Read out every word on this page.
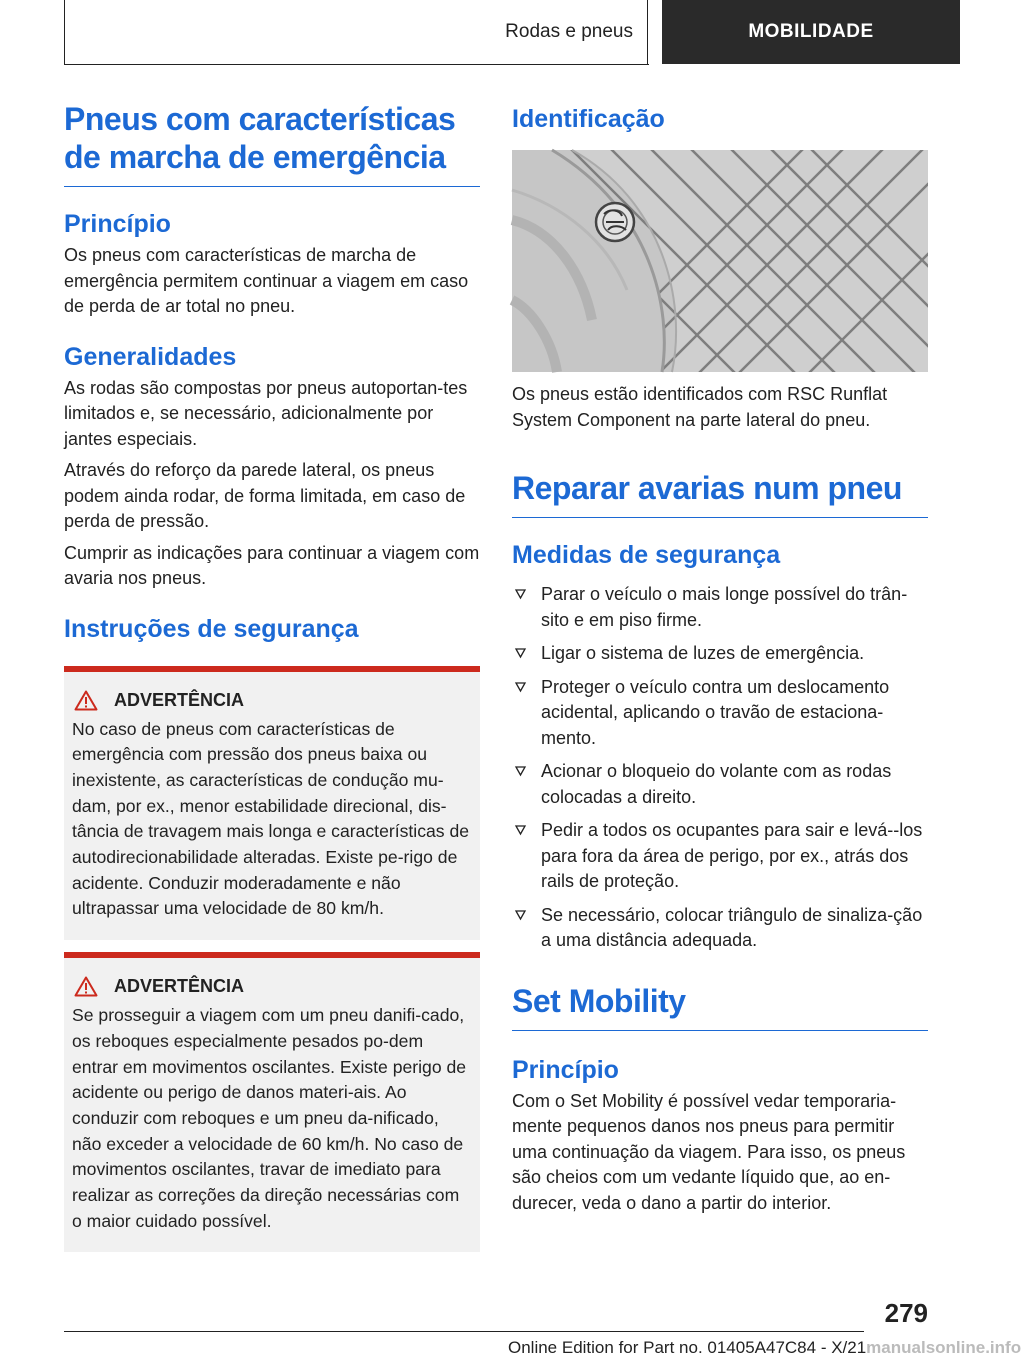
Rodas e pneus	MOBILIDADE
Pneus com características
de marcha de emergência
Princípio

Os pneus com características de marcha de emergência permitem continuar a viagem em caso de perda de ar total no pneu.

Generalidades

As rodas são compostas por pneus autoportan-tes limitados e, se necessário, adicionalmente por jantes especiais.

Através do reforço da parede lateral, os pneus podem ainda rodar, de forma limitada, em caso de perda de pressão.

Cumprir as indicações para continuar a viagem com avaria nos pneus.

Instruções de segurança
ADVERTÊNCIA

No caso de pneus com características de emergência com pressão dos pneus baixa ou inexistente, as características de condução mu-dam, por ex., menor estabilidade direcional, dis-tância de travagem mais longa e características de autodirecionabilidade alteradas. Existe pe-rigo de acidente. Conduzir moderadamente e não ultrapassar uma velocidade de 80 km/h.

ADVERTÊNCIA

Se prosseguir a viagem com um pneu danifi-cado, os reboques especialmente pesados po-dem entrar em movimentos oscilantes. Existe perigo de acidente ou perigo de danos materi-ais. Ao conduzir com reboques e um pneu da-nificado, não exceder a velocidade de 60 km/h. No caso de movimentos oscilantes, travar de imediato para realizar as correções da direção necessárias com o maior cuidado possível.

Identificação

Os pneus estão identificados com RSC Runflat System Component na parte lateral do pneu.

Reparar avarias num pneu
Medidas de segurança
Parar o veículo o mais longe possível do trân-sito e em piso firme.
Ligar o sistema de luzes de emergência.
Proteger o veículo contra um deslocamento acidental, aplicando o travão de estaciona-mento.
Acionar o bloqueio do volante com as rodas colocadas a direito.
Pedir a todos os ocupantes para sair e levá--los para fora da área de perigo, por ex., atrás dos rails de proteção.
Se necessário, colocar triângulo de sinaliza-ção a uma distância adequada.
Set Mobility
Princípio

Com o Set Mobility é possível vedar temporaria-mente pequenos danos nos pneus para permitir uma continuação da viagem. Para isso, os pneus são cheios com um vedante líquido que, ao en-durecer, veda o dano a partir do interior.

279
Online Edition for Part no. 01405A47C84 - X/21manualsonline.info
